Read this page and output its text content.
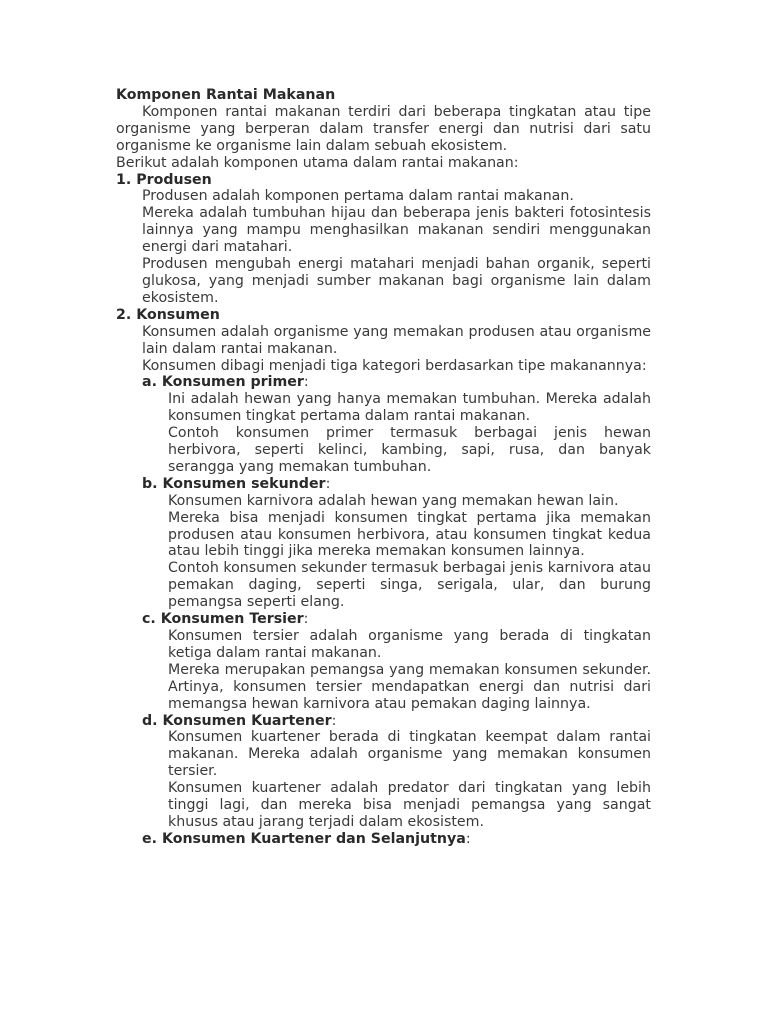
Komponen Rantai Makanan

Komponen rantai makanan terdiri dari beberapa tingkatan atau tipe organisme yang berperan dalam transfer energi dan nutrisi dari satu organisme ke organisme lain dalam sebuah ekosistem.

Berikut adalah komponen utama dalam rantai makanan:

1. Produsen

Produsen adalah komponen pertama dalam rantai makanan.

Mereka adalah tumbuhan hijau dan beberapa jenis bakteri fotosintesis lainnya yang mampu menghasilkan makanan sendiri menggunakan energi dari matahari.

Produsen mengubah energi matahari menjadi bahan organik, seperti glukosa, yang menjadi sumber makanan bagi organisme lain dalam ekosistem.

2. Konsumen

Konsumen adalah organisme yang memakan produsen atau organisme lain dalam rantai makanan.

Konsumen dibagi menjadi tiga kategori berdasarkan tipe makanannya:

a. Konsumen primer:

Ini adalah hewan yang hanya memakan tumbuhan. Mereka adalah konsumen tingkat pertama dalam rantai makanan.

Contoh konsumen primer termasuk berbagai jenis hewan herbivora, seperti kelinci, kambing, sapi, rusa, dan banyak serangga yang memakan tumbuhan.

b. Konsumen sekunder:

Konsumen karnivora adalah hewan yang memakan hewan lain.

Mereka bisa menjadi konsumen tingkat pertama jika memakan produsen atau konsumen herbivora, atau konsumen tingkat kedua atau lebih tinggi jika mereka memakan konsumen lainnya.

Contoh konsumen sekunder termasuk berbagai jenis karnivora atau pemakan daging, seperti singa, serigala, ular, dan burung pemangsa seperti elang.

c. Konsumen Tersier:

Konsumen tersier adalah organisme yang berada di tingkatan ketiga dalam rantai makanan.

Mereka merupakan pemangsa yang memakan konsumen sekunder. Artinya, konsumen tersier mendapatkan energi dan nutrisi dari memangsa hewan karnivora atau pemakan daging lainnya.

d. Konsumen Kuartener:

Konsumen kuartener berada di tingkatan keempat dalam rantai makanan. Mereka adalah organisme yang memakan konsumen tersier.

Konsumen kuartener adalah predator dari tingkatan yang lebih tinggi lagi, dan mereka bisa menjadi pemangsa yang sangat khusus atau jarang terjadi dalam ekosistem.

e. Konsumen Kuartener dan Selanjutnya:
